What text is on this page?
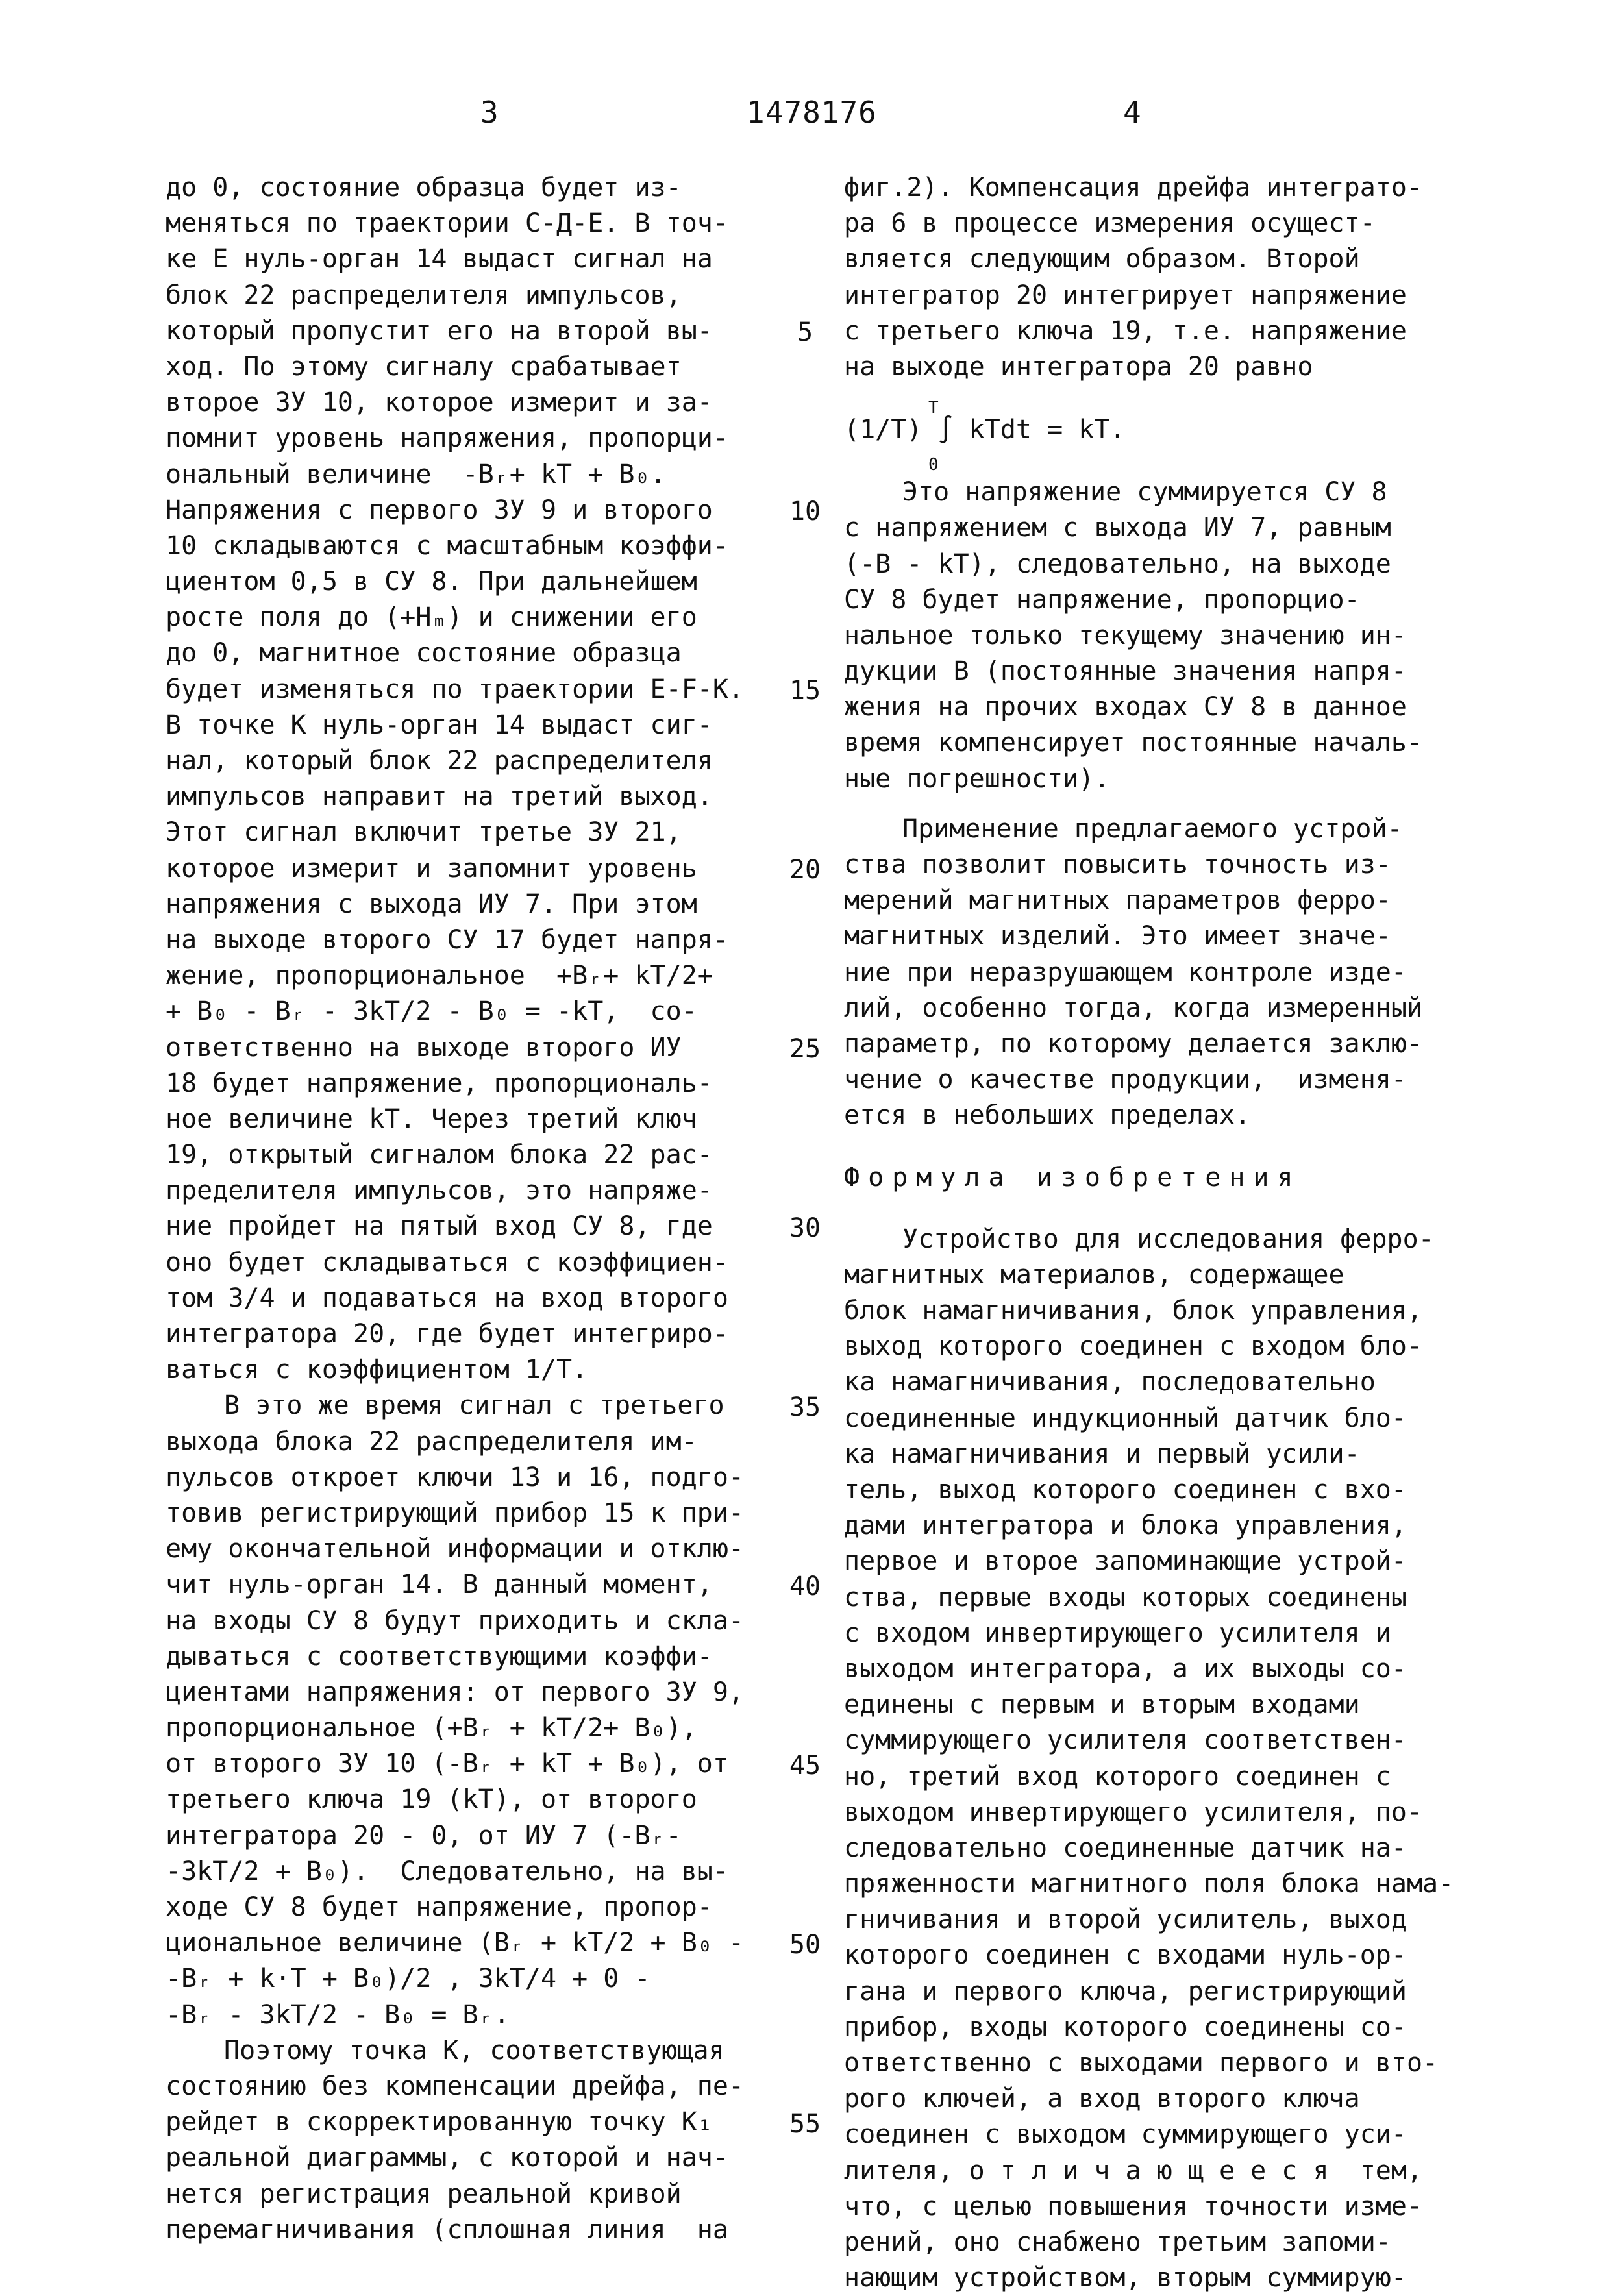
3	1478176	4
до 0, состояние образца будет из-
меняться по траектории С-Д-Е. В точ-
ке Е нуль-орган 14 выдаст сигнал на
блок 22 распределителя импульсов,
который пропустит его на второй вы-
ход. По этому сигналу срабатывает
второе ЗУ 10, которое измерит и за-
помнит уровень напряжения, пропорци-
ональный величине  -Bᵣ+ kT + B₀.
Напряжения с первого ЗУ 9 и второго
10 складываются с масштабным коэффи-
циентом 0,5 в СУ 8. При дальнейшем
росте поля до (+Hₘ) и снижении его
до 0, магнитное состояние образца
будет изменяться по траектории E-F-K.
В точке К нуль-орган 14 выдаст сиг-
нал, который блок 22 распределителя
импульсов направит на третий выход.
Этот сигнал включит третье ЗУ 21,
которое измерит и запомнит уровень
напряжения с выхода ИУ 7. При этом
на выходе второго СУ 17 будет напря-
жение, пропорциональное  +Bᵣ+ kT/2+
+ B₀ - Bᵣ - 3kT/2 - B₀ = -kT,  со-
ответственно на выходе второго ИУ
18 будет напряжение, пропорциональ-
ное величине kT. Через третий ключ
19, открытый сигналом блока 22 рас-
пределителя импульсов, это напряже-
ние пройдет на пятый вход СУ 8, где
оно будет складываться с коэффициен-
том 3/4 и подаваться на вход второго
интегратора 20, где будет интегриро-
ваться с коэффициентом 1/T.
В это же время сигнал с третьего
выхода блока 22 распределителя им-
пульсов откроет ключи 13 и 16, подго-
товив регистрирующий прибор 15 к при-
ему окончательной информации и отклю-
чит нуль-орган 14. В данный момент,
на входы СУ 8 будут приходить и скла-
дываться с соответствующими коэффи-
циентами напряжения: от первого ЗУ 9,
пропорциональное (+Bᵣ + kT/2+ B₀),
от второго ЗУ 10 (-Bᵣ + kT + B₀), от
третьего ключа 19 (kT), от второго
интегратора 20 - 0, от ИУ 7 (-Bᵣ-
-3kT/2 + B₀).  Следовательно, на вы-
ходе СУ 8 будет напряжение, пропор-
циональное величине (Bᵣ + kT/2 + B₀ -
-Bᵣ + k·T + B₀)/2 , 3kT/4 + 0 -
-Bᵣ - 3kT/2 - B₀ = Bᵣ.
Поэтому точка К, соответствующая
состоянию без компенсации дрейфа, пе-
рейдет в скорректированную точку K₁
реальной диаграммы, с которой и нач-
нется регистрация реальной кривой
перемагничивания (сплошная линия  на
фиг.2). Компенсация дрейфа интеграто-
ра 6 в процессе измерения осущест-
вляется следующим образом. Второй
интегратор 20 интегрирует напряжение
с третьего ключа 19, т.е. напряжение
на выходе интегратора 20 равно
T
(1/T) ∫ kTdt = kT.
0
Это напряжение суммируется СУ 8
с напряжением с выхода ИУ 7, равным
(-B - kT), следовательно, на выходе
СУ 8 будет напряжение, пропорцио-
нальное только текущему значению ин-
дукции B (постоянные значения напря-
жения на прочих входах СУ 8 в данное
время компенсирует постоянные началь-
ные погрешности).
Применение предлагаемого устрой-
ства позволит повысить точность из-
мерений магнитных параметров ферро-
магнитных изделий. Это имеет значе-
ние при неразрушающем контроле изде-
лий, особенно тогда, когда измеренный
параметр, по которому делается заклю-
чение о качестве продукции,  изменя-
ется в небольших пределах.
Формула изобретения
Устройство для исследования ферро-
магнитных материалов, содержащее
блок намагничивания, блок управления,
выход которого соединен с входом бло-
ка намагничивания, последовательно
соединенные индукционный датчик бло-
ка намагничивания и первый усили-
тель, выход которого соединен с вхо-
дами интегратора и блока управления,
первое и второе запоминающие устрой-
ства, первые входы которых соединены
с входом инвертирующего усилителя и
выходом интегратора, а их выходы со-
единены с первым и вторым входами
суммирующего усилителя соответствен-
но, третий вход которого соединен с
выходом инвертирующего усилителя, по-
следовательно соединенные датчик на-
пряженности магнитного поля блока нама-
гничивания и второй усилитель, выход
которого соединен с входами нуль-ор-
гана и первого ключа, регистрирующий
прибор, входы которого соединены со-
ответственно с выходами первого и вто-
рого ключей, а вход второго ключа
соединен с выходом суммирующего уси-
лителя, о т л и ч а ю щ е е с я  тем,
что, с целью повышения точности изме-
рений, оно снабжено третьим запоми-
нающим устройством, вторым суммирую-
5
10
15
20
25
30
35
40
45
50
55
